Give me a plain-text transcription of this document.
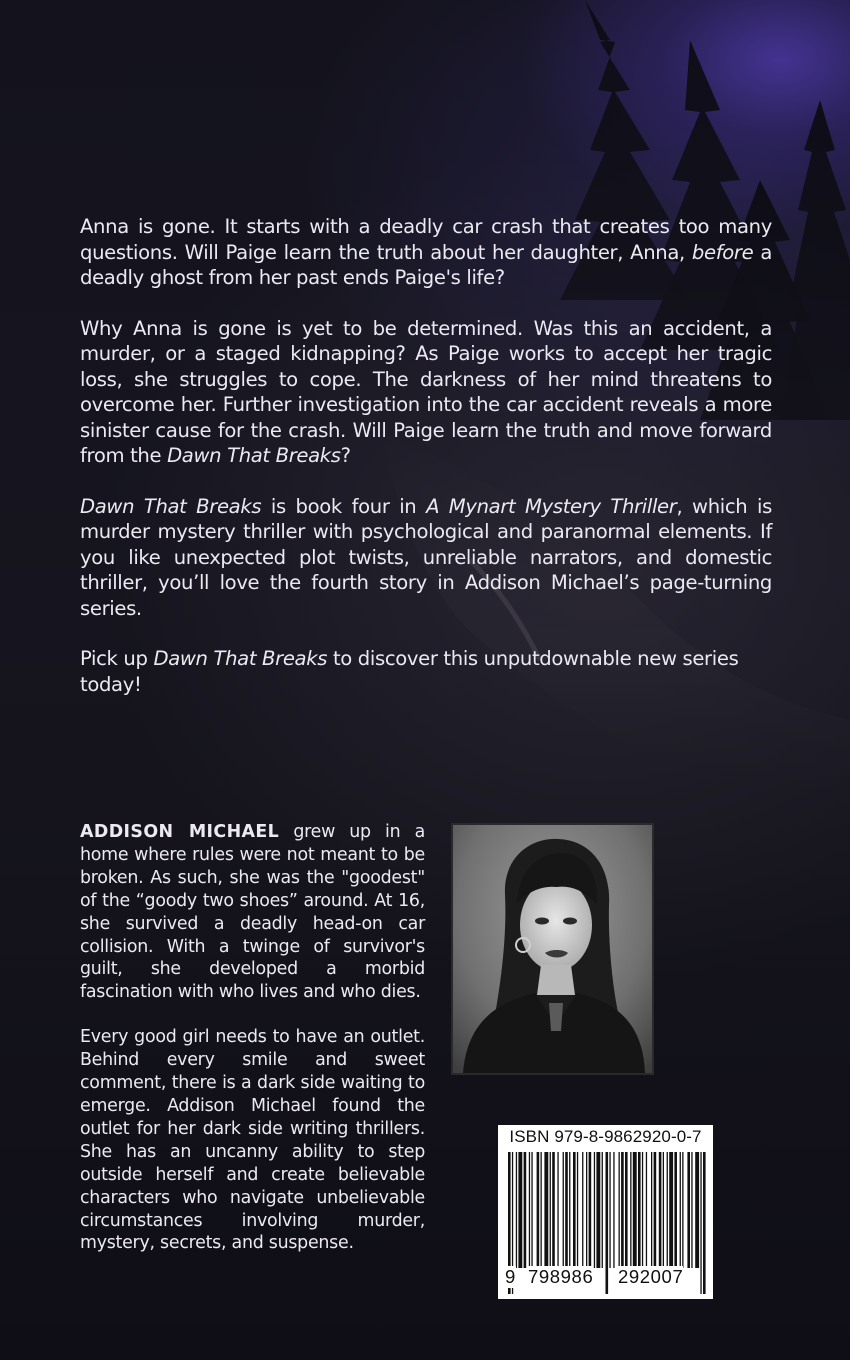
Anna is gone. It starts with a deadly car crash that creates too many questions. Will Paige learn the truth about her daughter, Anna, before a deadly ghost from her past ends Paige's life?

Why Anna is gone is yet to be determined. Was this an accident, a murder, or a staged kidnapping? As Paige works to accept her tragic loss, she struggles to cope. The darkness of her mind threatens to overcome her. Further investigation into the car accident reveals a more sinister cause for the crash. Will Paige learn the truth and move forward from the Dawn That Breaks?

Dawn That Breaks is book four in A Mynart Mystery Thriller, which is murder mystery thriller with psychological and paranormal elements. If you like unexpected plot twists, unreliable narrators, and domestic thriller, you’ll love the fourth story in Addison Michael’s page-turning series.

Pick up Dawn That Breaks to discover this unputdownable new series today!

ADDISON MICHAEL grew up in a home where rules were not meant to be broken. As such, she was the "goodest" of the “goody two shoes” around. At 16, she survived a deadly head-on car collision. With a twinge of survivor's guilt, she developed a morbid fascination with who lives and who dies.

Every good girl needs to have an outlet. Behind every smile and sweet comment, there is a dark side waiting to emerge. Addison Michael found the outlet for her dark side writing thrillers. She has an uncanny ability to step outside herself and create believable characters who navigate unbelievable circumstances involving murder, mystery, secrets, and suspense.

ISBN 979-8-9862920-0-7
9 798986 292007
